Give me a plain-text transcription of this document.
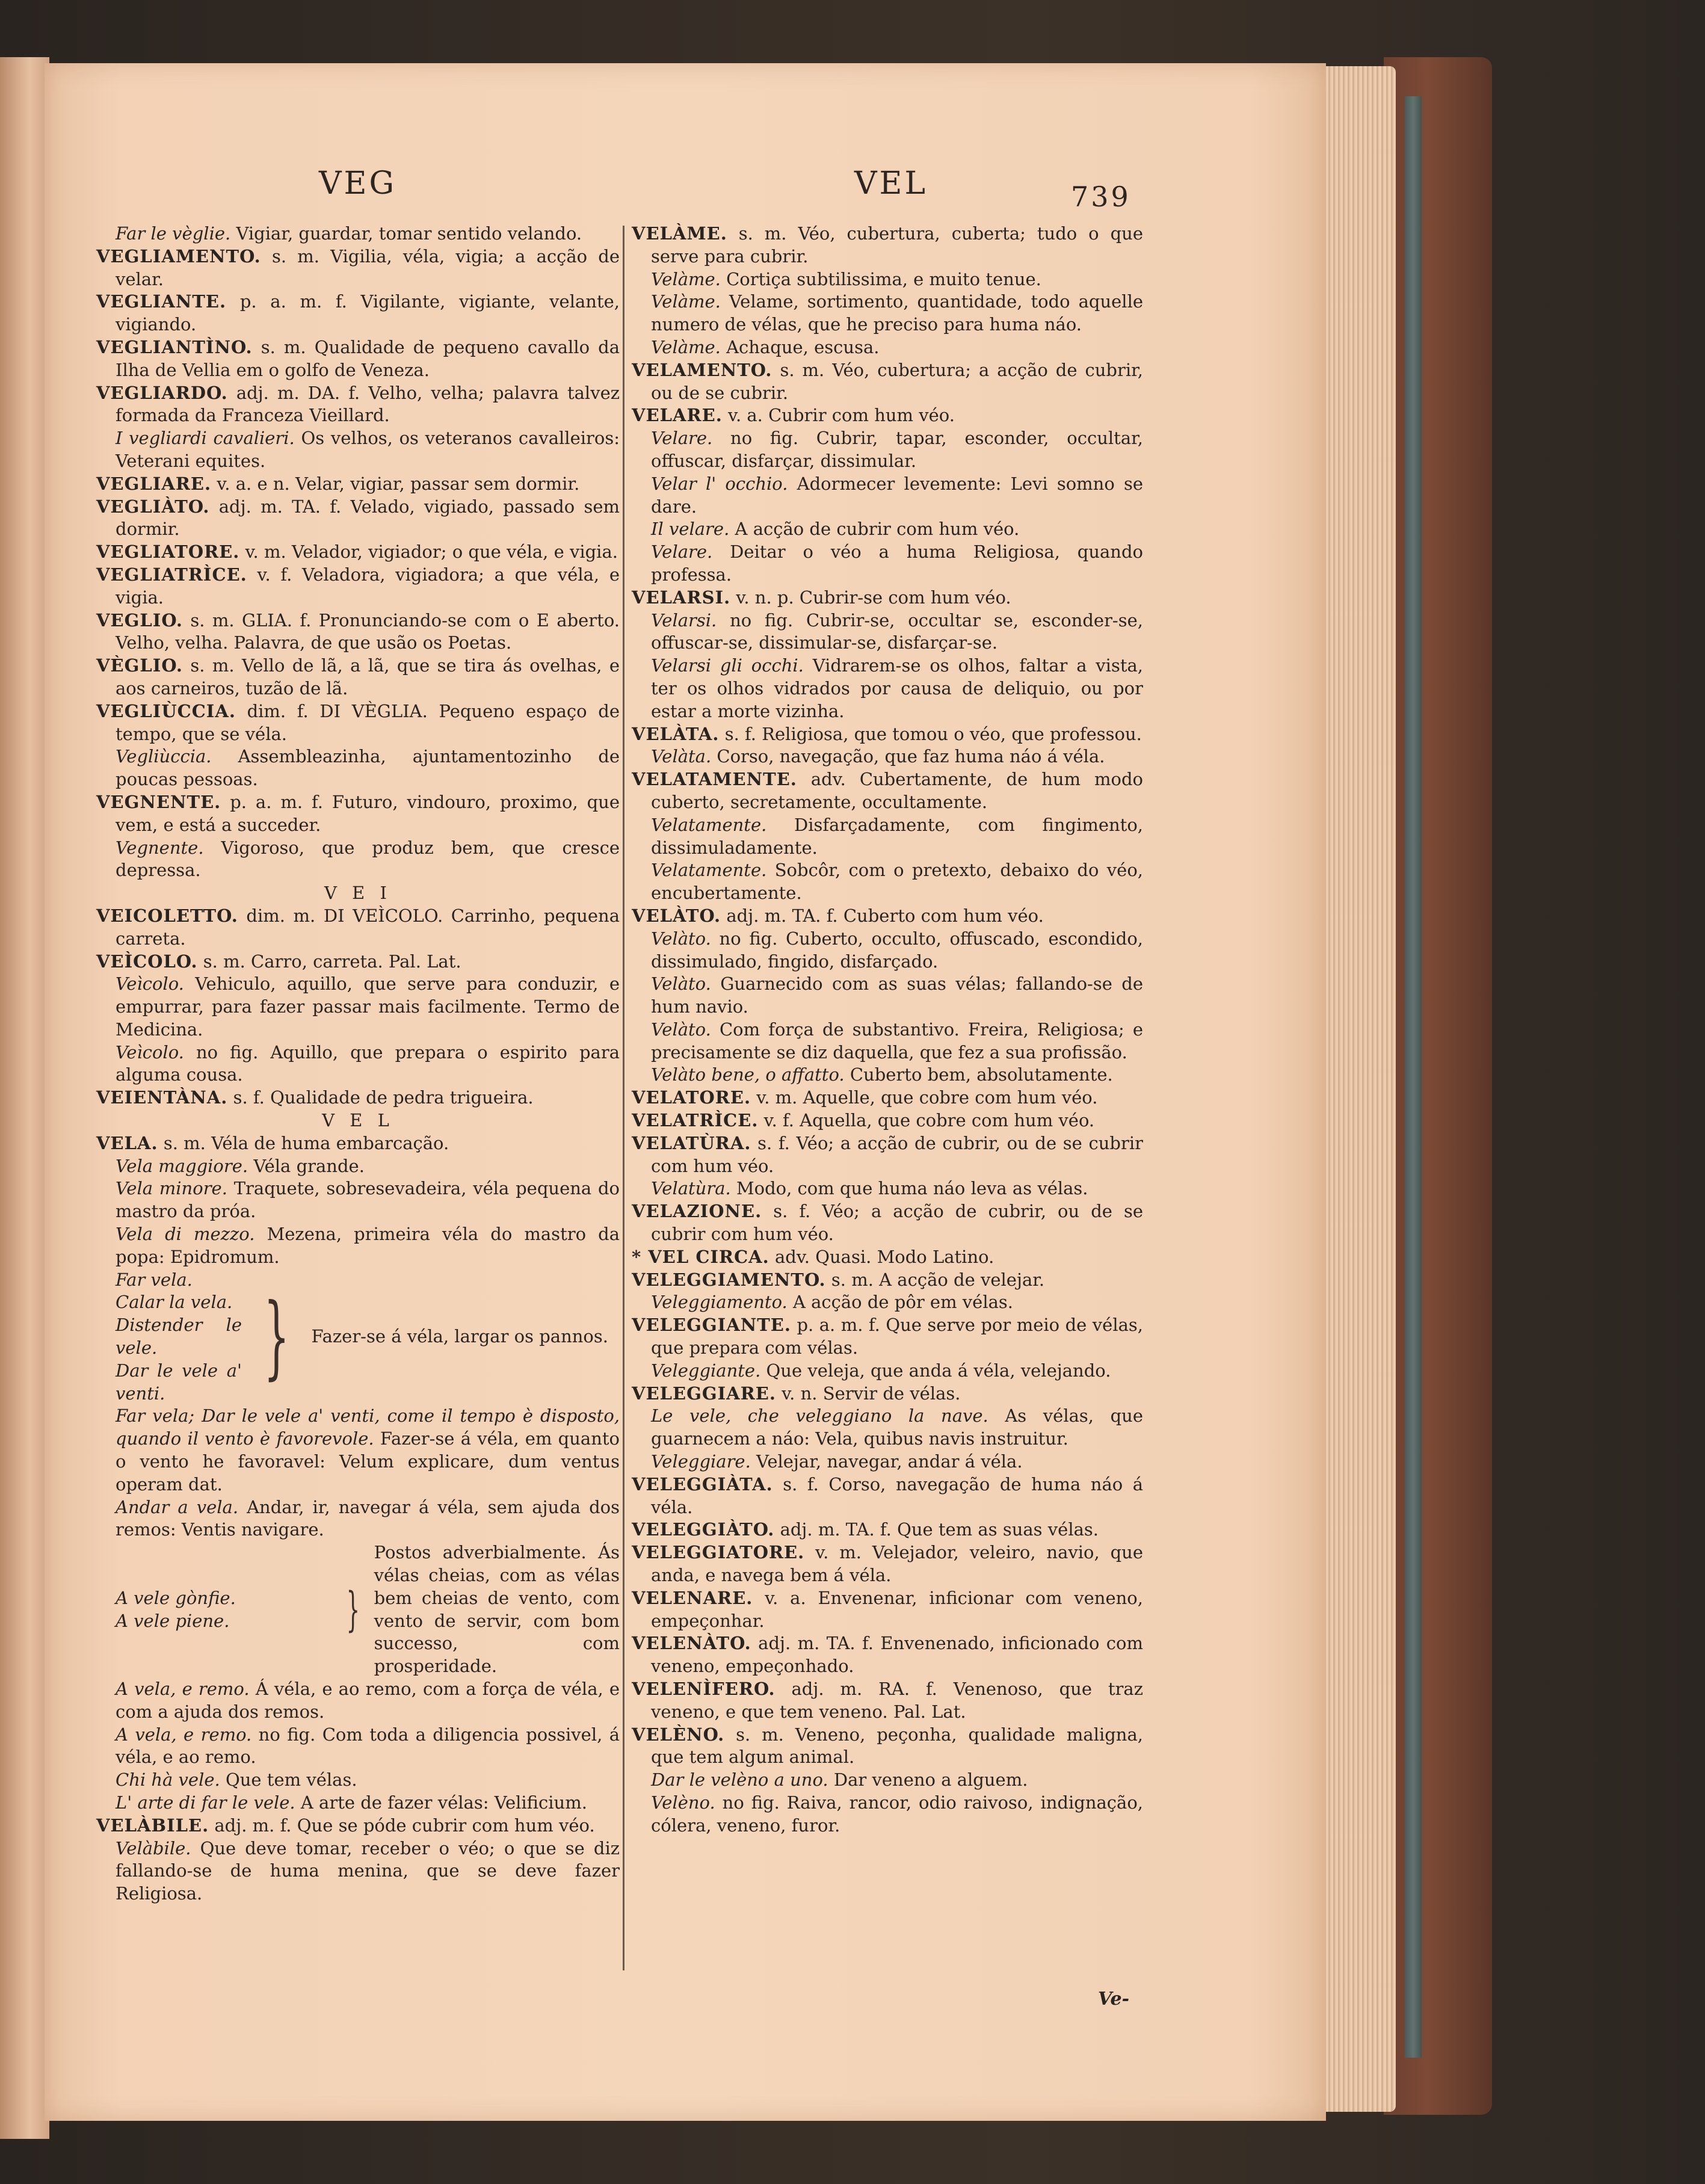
VEG	VEL	739

Far le vèglie. Vigiar, guardar, tomar sentido velando.

VEGLIAMENTO. s. m. Vigilia, véla, vigia; a acção de velar.

VEGLIANTE. p. a. m. f. Vigilante, vigiante, velante, vigiando.

VEGLIANTÌNO. s. m. Qualidade de pequeno cavallo da Ilha de Vellia em o golfo de Veneza.

VEGLIARDO. adj. m. DA. f. Velho, velha; palavra talvez formada da Franceza Vieillard.

I vegliardi cavalieri. Os velhos, os veteranos cavalleiros: Veterani equites.

VEGLIARE. v. a. e n. Velar, vigiar, passar sem dormir.

VEGLIÀTO. adj. m. TA. f. Velado, vigiado, passado sem dormir.

VEGLIATORE. v. m. Velador, vigiador; o que véla, e vigia.

VEGLIATRÌCE. v. f. Veladora, vigiadora; a que véla, e vigia.

VEGLIO. s. m. GLIA. f. Pronunciando-se com o E aberto. Velho, velha. Palavra, de que usão os Poetas.

VÈGLIO. s. m. Vello de lã, a lã, que se tira ás ovelhas, e aos carneiros, tuzão de lã.

VEGLIÙCCIA. dim. f. DI VÈGLIA. Pequeno espaço de tempo, que se véla.

Vegliùccia. Assembleazinha, ajuntamentozinho de poucas pessoas.

VEGNENTE. p. a. m. f. Futuro, vindouro, proximo, que vem, e está a succeder.

Vegnente. Vigoroso, que produz bem, que cresce depressa.

V E I

VEICOLETTO. dim. m. DI VEÌCOLO. Carrinho, pequena carreta.

VEÌCOLO. s. m. Carro, carreta. Pal. Lat.

Veìcolo. Vehiculo, aquillo, que serve para conduzir, e empurrar, para fazer passar mais facilmente. Termo de Medicina.

Veìcolo. no fig. Aquillo, que prepara o espirito para alguma cousa.

VEIENTÀNA. s. f. Qualidade de pedra trigueira.

V E L

VELA. s. m. Véla de huma embarcação.

Vela maggiore. Véla grande.

Vela minore. Traquete, sobresevadeira, véla pequena do mastro da próa.

Vela di mezzo. Mezena, primeira véla do mastro da popa: Epidromum.

Far vela.
Calar la vela.
Distender le vele.
Dar le vele a' venti.
} Fazer-se á véla, largar os pannos.

Far vela; Dar le vele a' venti, come il tempo è disposto, quando il vento è favorevole. Fazer-se á véla, em quanto o vento he favoravel: Velum explicare, dum ventus operam dat.

Andar a vela. Andar, ir, navegar á véla, sem ajuda dos remos: Ventis navigare.

A vele gònfie.
A vele piene.	}
Postos adverbialmente. Ás vélas cheias, com as vélas bem cheias de vento, com vento de servir, com bom successo, com prosperidade.

A vela, e remo. Á véla, e ao remo, com a força de véla, e com a ajuda dos remos.

A vela, e remo. no fig. Com toda a diligencia possivel, á véla, e ao remo.

Chi hà vele. Que tem vélas.

L' arte di far le vele. A arte de fazer vélas: Velificium.

VELÀBILE. adj. m. f. Que se póde cubrir com hum véo.

Velàbile. Que deve tomar, receber o véo; o que se diz fallando-se de huma menina, que se deve fazer Religiosa.

VELÀME. s. m. Véo, cubertura, cuberta; tudo o que serve para cubrir.

Velàme. Cortiça subtilissima, e muito tenue.

Velàme. Velame, sortimento, quantidade, todo aquelle numero de vélas, que he preciso para huma náo.

Velàme. Achaque, escusa.

VELAMENTO. s. m. Véo, cubertura; a acção de cubrir, ou de se cubrir.

VELARE. v. a. Cubrir com hum véo.

Velare. no fig. Cubrir, tapar, esconder, occultar, offuscar, disfarçar, dissimular.

Velar l' occhio. Adormecer levemente: Levi somno se dare.

Il velare. A acção de cubrir com hum véo.

Velare. Deitar o véo a huma Religiosa, quando professa.

VELARSI. v. n. p. Cubrir-se com hum véo.

Velarsi. no fig. Cubrir-se, occultar se, esconder-se, offuscar-se, dissimular-se, disfarçar-se.

Velarsi gli occhi. Vidrarem-se os olhos, faltar a vista, ter os olhos vidrados por causa de deliquio, ou por estar a morte vizinha.

VELÀTA. s. f. Religiosa, que tomou o véo, que professou.

Velàta. Corso, navegação, que faz huma náo á véla.

VELATAMENTE. adv. Cubertamente, de hum modo cuberto, secretamente, occultamente.

Velatamente. Disfarçadamente, com fingimento, dissimuladamente.

Velatamente. Sobcôr, com o pretexto, debaixo do véo, encubertamente.

VELÀTO. adj. m. TA. f. Cuberto com hum véo.

Velàto. no fig. Cuberto, occulto, offuscado, escondido, dissimulado, fingido, disfarçado.

Velàto. Guarnecido com as suas vélas; fallando-se de hum navio.

Velàto. Com força de substantivo. Freira, Religiosa; e precisamente se diz daquella, que fez a sua profissão.

Velàto bene, o affatto. Cuberto bem, absolutamente.

VELATORE. v. m. Aquelle, que cobre com hum véo.

VELATRÌCE. v. f. Aquella, que cobre com hum véo.

VELATÙRA. s. f. Véo; a acção de cubrir, ou de se cubrir com hum véo.

Velatùra. Modo, com que huma náo leva as vélas.

VELAZIONE. s. f. Véo; a acção de cubrir, ou de se cubrir com hum véo.

* VEL CIRCA. adv. Quasi. Modo Latino.

VELEGGIAMENTO. s. m. A acção de velejar.

Veleggiamento. A acção de pôr em vélas.

VELEGGIANTE. p. a. m. f. Que serve por meio de vélas, que prepara com vélas.

Veleggiante. Que veleja, que anda á véla, velejando.

VELEGGIARE. v. n. Servir de vélas.

Le vele, che veleggiano la nave. As vélas, que guarnecem a náo: Vela, quibus navis instruitur.

Veleggiare. Velejar, navegar, andar á véla.

VELEGGIÀTA. s. f. Corso, navegação de huma náo á véla.

VELEGGIÀTO. adj. m. TA. f. Que tem as suas vélas.

VELEGGIATORE. v. m. Velejador, veleiro, navio, que anda, e navega bem á véla.

VELENARE. v. a. Envenenar, inficionar com veneno, empeçonhar.

VELENÀTO. adj. m. TA. f. Envenenado, inficionado com veneno, empeçonhado.

VELENÌFERO. adj. m. RA. f. Venenoso, que traz veneno, e que tem veneno. Pal. Lat.

VELÈNO. s. m. Veneno, peçonha, qualidade maligna, que tem algum animal.

Dar le velèno a uno. Dar veneno a alguem.

Velèno. no fig. Raiva, rancor, odio raivoso, indignação, cólera, veneno, furor.

Ve-
